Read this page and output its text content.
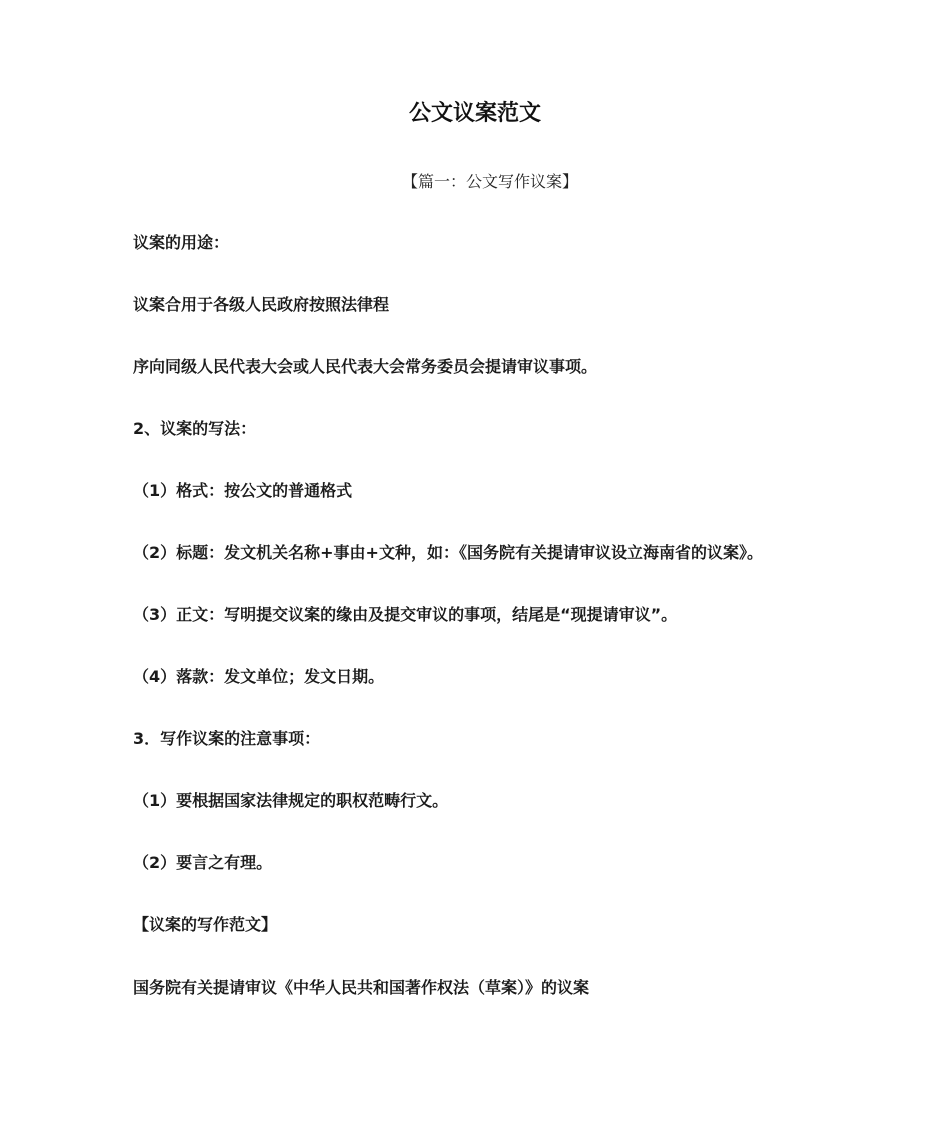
公文议案范文
【篇一：公文写作议案】
议案的用途：
议案合用于各级人民政府按照法律程
序向同级人民代表大会或人民代表大会常务委员会提请审议事项。
2、议案的写法：
（1）格式：按公文的普通格式
（2）标题：发文机关名称+事由+文种，如：《国务院有关提请审议设立海南省的议案》。
（3）正文：写明提交议案的缘由及提交审议的事项，结尾是“现提请审议”。
（4）落款：发文单位；发文日期。
3．写作议案的注意事项：
（1）要根据国家法律规定的职权范畴行文。
（2）要言之有理。
【议案的写作范文】
国务院有关提请审议《中华人民共和国著作权法（草案）》的议案
